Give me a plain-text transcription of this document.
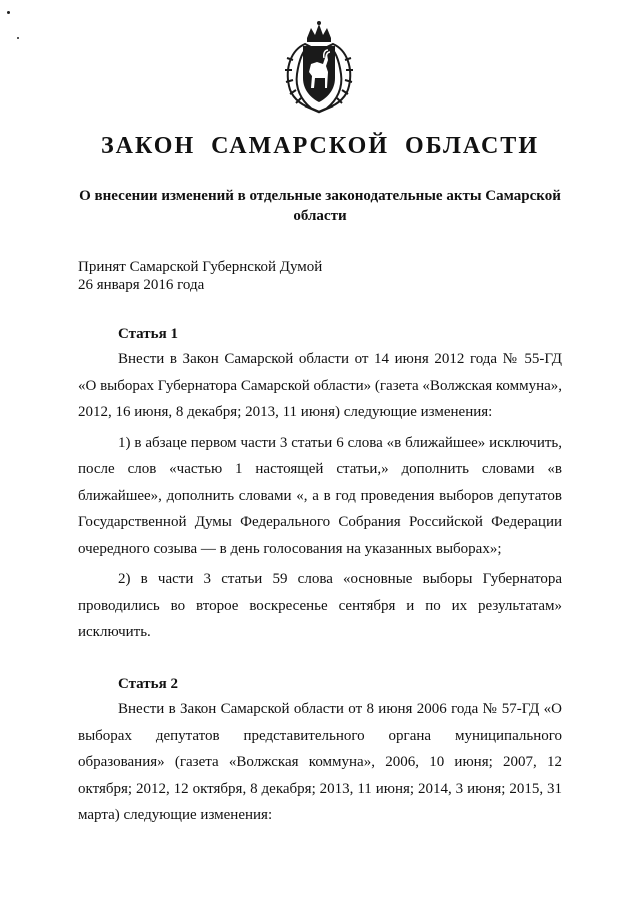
ЗАКОН САМАРСКОЙ ОБЛАСТИ
О внесении изменений в отдельные законодательные акты Самарской области
Принят Самарской Губернской Думой
26 января 2016 года
Статья 1

Внести в Закон Самарской области от 14 июня 2012 года № 55-ГД «О выборах Губернатора Самарской области» (газета «Волжская коммуна», 2012, 16 июня, 8 декабря; 2013, 11 июня) следующие изменения:

1) в абзаце первом части 3 статьи 6 слова «в ближайшее» исключить, после слов «частью 1 настоящей статьи,» дополнить словами «в ближайшее», дополнить словами «, а в год проведения выборов депутатов Государственной Думы Федерального Собрания Российской Федерации очередного созыва — в день голосования на указанных выборах»;

2) в части 3 статьи 59 слова «основные выборы Губернатора проводились во второе воскресенье сентября и по их результатам» исключить.

Статья 2

Внести в Закон Самарской области от 8 июня 2006 года № 57-ГД «О выборах депутатов представительного органа муниципального образования» (газета «Волжская коммуна», 2006, 10 июня; 2007, 12 октября; 2012, 12 октября, 8 декабря; 2013, 11 июня; 2014, 3 июня; 2015, 31 марта) следующие изменения:
